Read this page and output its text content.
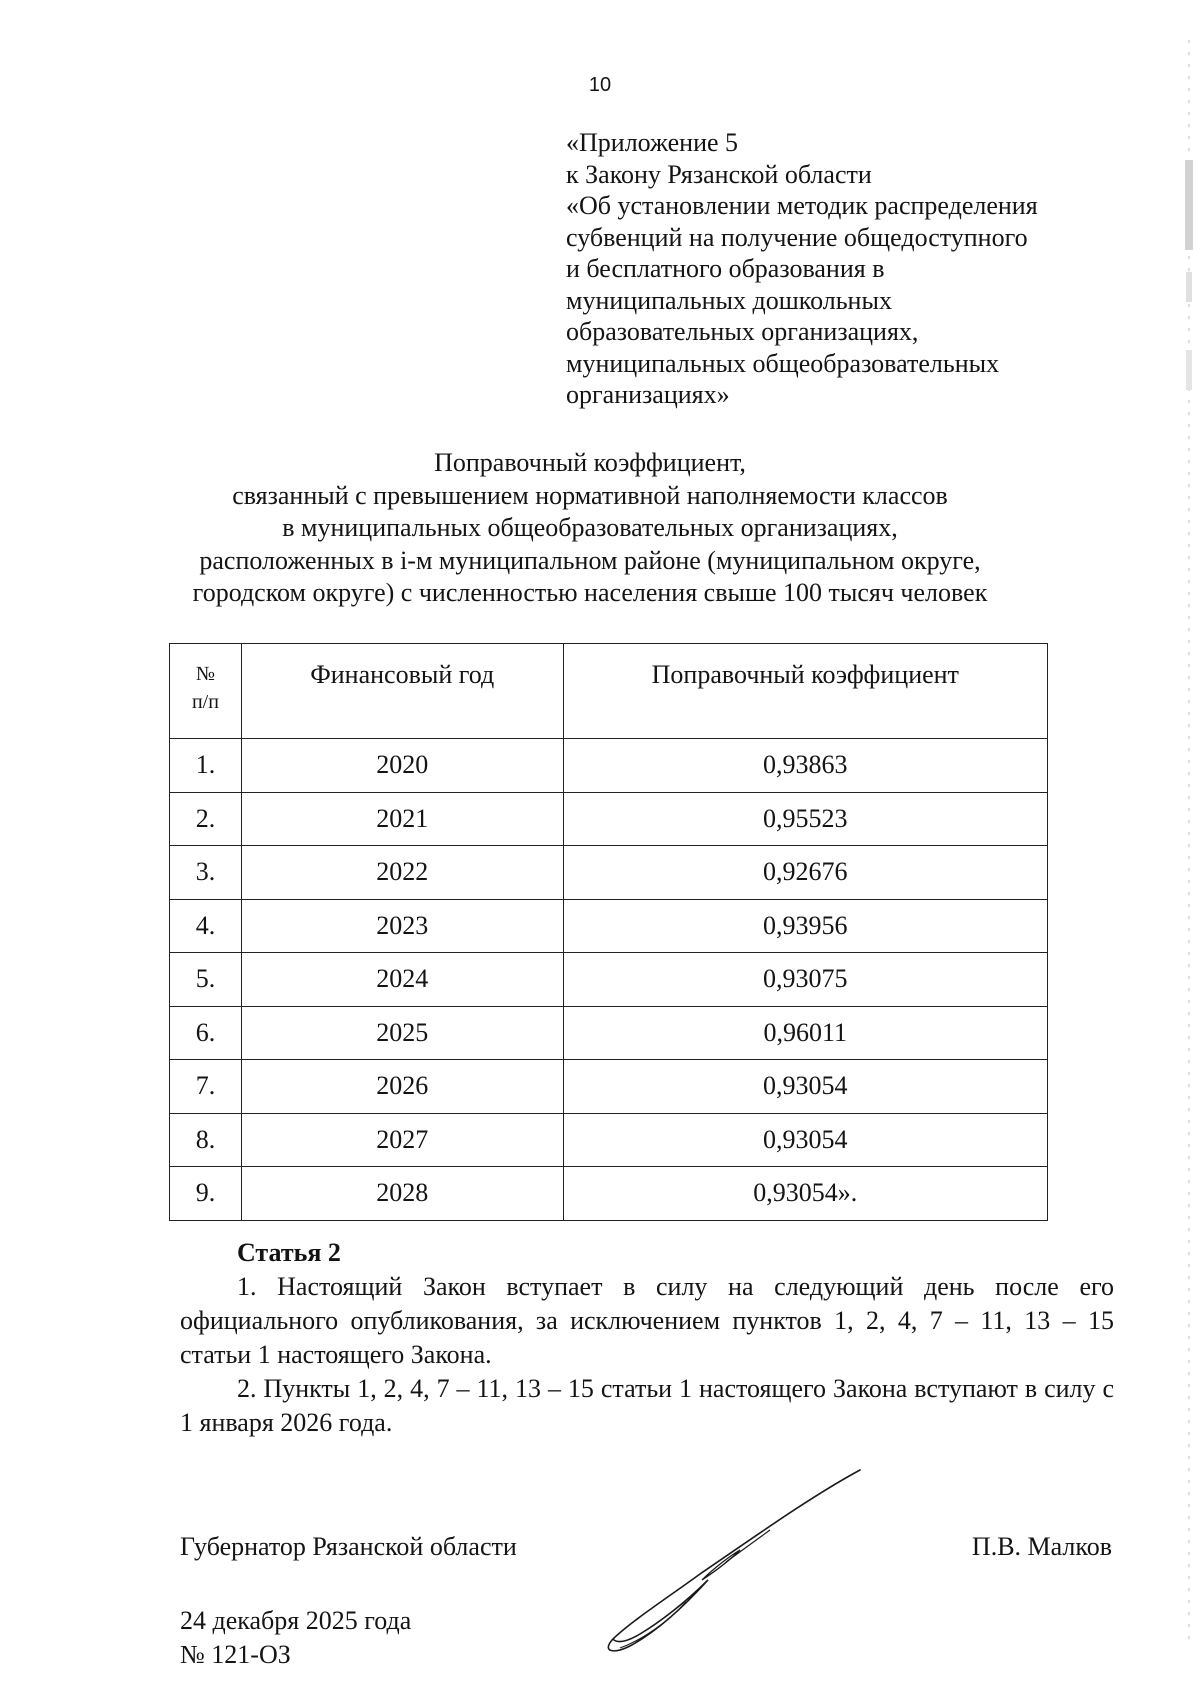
10
«Приложение 5
к Закону Рязанской области
«Об установлении методик распределения
субвенций на получение общедоступного
и бесплатного образования в
муниципальных дошкольных
образовательных организациях,
муниципальных общеобразовательных
организациях»
Поправочный коэффициент,
связанный с превышением нормативной наполняемости классов
в муниципальных общеобразовательных организациях,
расположенных в i-м муниципальном районе (муниципальном округе,
городском округе) с численностью населения свыше 100 тысяч человек
№
п/п	Финансовый год	Поправочный коэффициент
1.	2020	0,93863
2.	2021	0,95523
3.	2022	0,92676
4.	2023	0,93956
5.	2024	0,93075
6.	2025	0,96011
7.	2026	0,93054
8.	2027	0,93054
9.	2028	0,93054».
Статья 2

1. Настоящий Закон вступает в силу на следующий день после его официального опубликования, за исключением пунктов 1, 2, 4, 7 – 11, 13 – 15 статьи 1 настоящего Закона.

2. Пункты 1, 2, 4, 7 – 11, 13 – 15 статьи 1 настоящего Закона вступают в силу с 1 января 2026 года.

Губернатор Рязанской области	П.В. Малков
24 декабря 2025 года
№ 121-ОЗ
